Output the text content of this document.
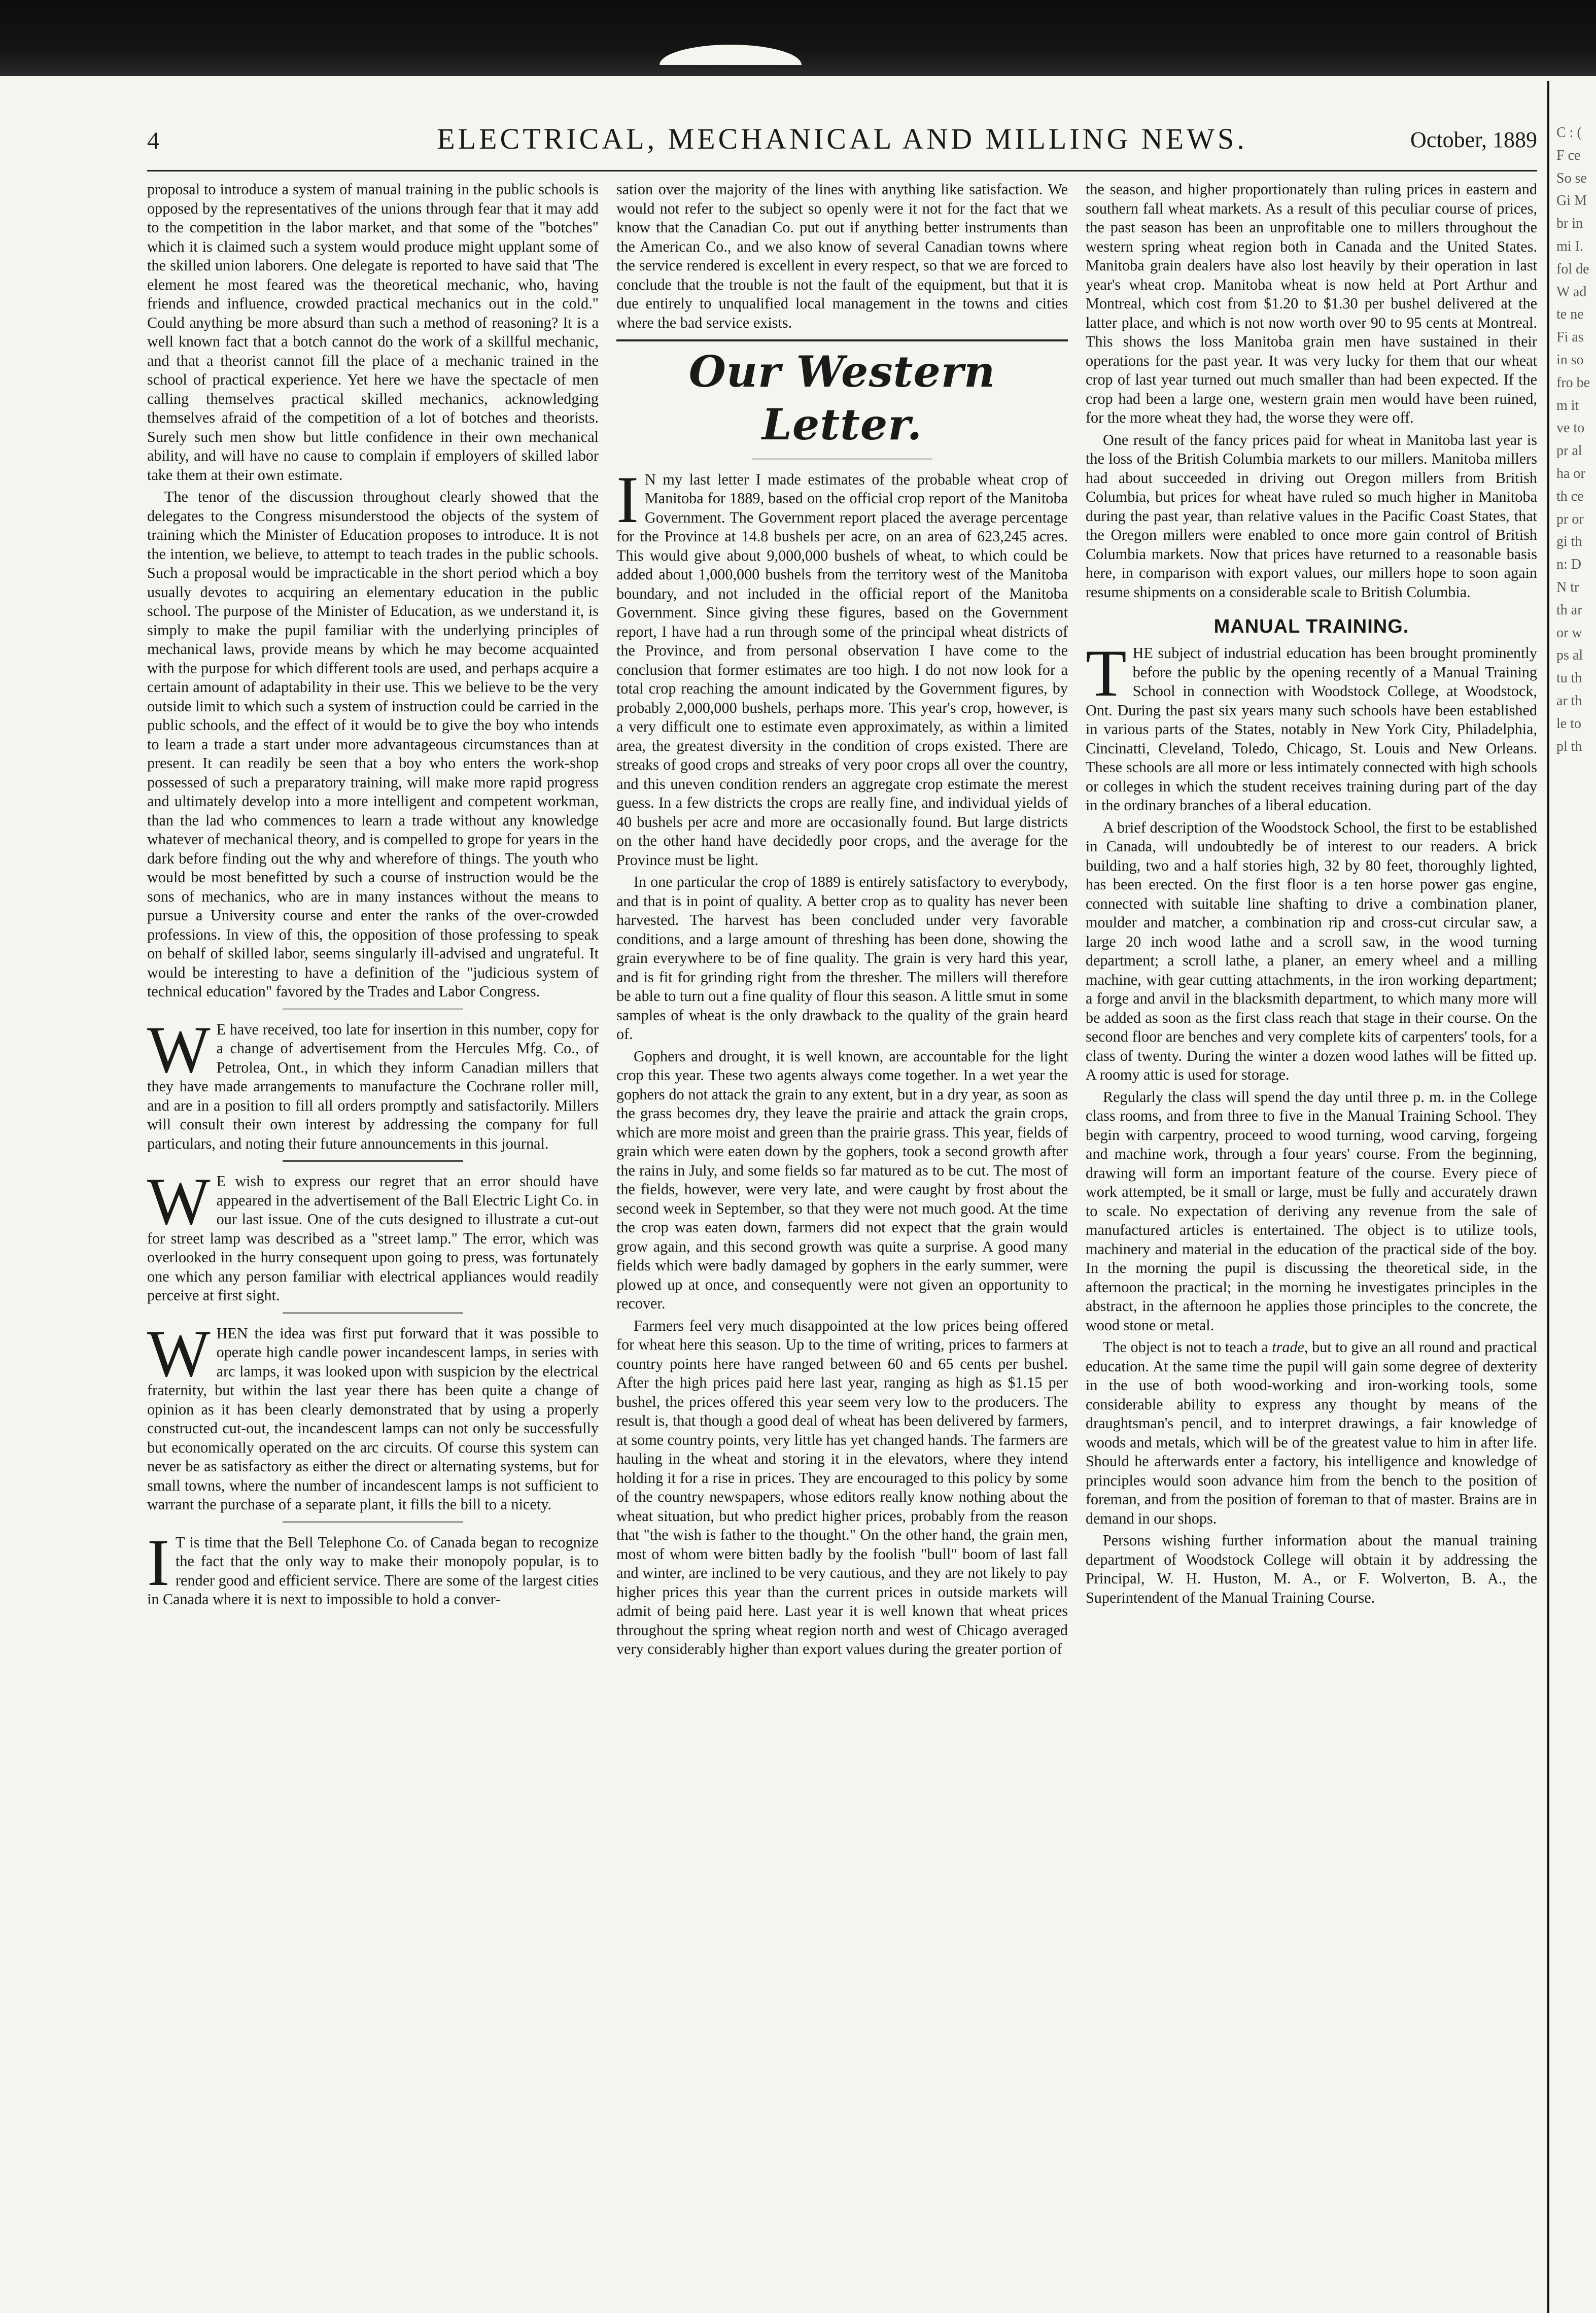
C : ( F ce So se Gi M br in mi I. fol de W ad te ne Fi as in so fro be m it ve to pr al ha or th ce pr or gi th n: D N tr th ar or w ps al tu th ar th le to pl th
4	ELECTRICAL, MECHANICAL AND MILLING NEWS.	October, 1889

proposal to introduce a system of manual training in the public schools is opposed by the representatives of the unions through fear that it may add to the competition in the labor market, and that some of the "botches" which it is claimed such a system would produce might upplant some of the skilled union laborers. One delegate is reported to have said that 'The element he most feared was the theoretical mechanic, who, having friends and influence, crowded practical mechanics out in the cold." Could anything be more absurd than such a method of reasoning? It is a well known fact that a botch cannot do the work of a skillful mechanic, and that a theorist cannot fill the place of a mechanic trained in the school of practical experience. Yet here we have the spectacle of men calling themselves practical skilled mechanics, acknowledging themselves afraid of the competition of a lot of botches and theorists. Surely such men show but little confidence in their own mechanical ability, and will have no cause to complain if employers of skilled labor take them at their own estimate.

The tenor of the discussion throughout clearly showed that the delegates to the Congress misunderstood the objects of the system of training which the Minister of Education proposes to introduce. It is not the intention, we believe, to attempt to teach trades in the public schools. Such a proposal would be impracticable in the short period which a boy usually devotes to acquiring an elementary education in the public school. The purpose of the Minister of Education, as we understand it, is simply to make the pupil familiar with the underlying principles of mechanical laws, provide means by which he may become acquainted with the purpose for which different tools are used, and perhaps acquire a certain amount of adaptability in their use. This we believe to be the very outside limit to which such a system of instruction could be carried in the public schools, and the effect of it would be to give the boy who intends to learn a trade a start under more advantageous circumstances than at present. It can readily be seen that a boy who enters the work-shop possessed of such a preparatory training, will make more rapid progress and ultimately develop into a more intelligent and competent workman, than the lad who commences to learn a trade without any knowledge whatever of mechanical theory, and is compelled to grope for years in the dark before finding out the why and wherefore of things. The youth who would be most benefitted by such a course of instruction would be the sons of mechanics, who are in many instances without the means to pursue a University course and enter the ranks of the over-crowded professions. In view of this, the opposition of those professing to speak on behalf of skilled labor, seems singularly ill-advised and ungrateful. It would be interesting to have a definition of the "judicious system of technical education" favored by the Trades and Labor Congress.

W E have received, too late for insertion in this number, copy for a change of advertisement from the Hercules Mfg. Co., of Petrolea, Ont., in which they inform Canadian millers that they have made arrangements to manufacture the Cochrane roller mill, and are in a position to fill all orders promptly and satisfactorily. Millers will consult their own interest by addressing the company for full particulars, and noting their future announcements in this journal.

W E wish to express our regret that an error should have appeared in the advertisement of the Ball Electric Light Co. in our last issue. One of the cuts designed to illustrate a cut-out for street lamp was described as a "street lamp." The error, which was overlooked in the hurry consequent upon going to press, was fortunately one which any person familiar with electrical appliances would readily perceive at first sight.

WHEN the idea was first put forward that it was possible to operate high candle power incandescent lamps, in series with arc lamps, it was looked upon with suspicion by the electrical fraternity, but within the last year there has been quite a change of opinion as it has been clearly demonstrated that by using a properly constructed cut-out, the incandescent lamps can not only be successfully but economically operated on the arc circuits. Of course this system can never be as satisfactory as either the direct or alternating systems, but for small towns, where the number of incandescent lamps is not sufficient to warrant the purchase of a separate plant, it fills the bill to a nicety.

I T is time that the Bell Telephone Co. of Canada began to recognize the fact that the only way to make their monopoly popular, is to render good and efficient service. There are some of the largest cities in Canada where it is next to impossible to hold a conver-

sation over the majority of the lines with anything like satisfaction. We would not refer to the subject so openly were it not for the fact that we know that the Canadian Co. put out if anything better instruments than the American Co., and we also know of several Canadian towns where the service rendered is excellent in every respect, so that we are forced to conclude that the trouble is not the fault of the equipment, but that it is due entirely to unqualified local management in the towns and cities where the bad service exists.

Our Western Letter.

I N my last letter I made estimates of the probable wheat crop of Manitoba for 1889, based on the official crop report of the Manitoba Government. The Government report placed the average percentage for the Province at 14.8 bushels per acre, on an area of 623,245 acres. This would give about 9,000,000 bushels of wheat, to which could be added about 1,000,000 bushels from the territory west of the Manitoba boundary, and not included in the official report of the Manitoba Government. Since giving these figures, based on the Government report, I have had a run through some of the principal wheat districts of the Province, and from personal observation I have come to the conclusion that former estimates are too high. I do not now look for a total crop reaching the amount indicated by the Government figures, by probably 2,000,000 bushels, perhaps more. This year's crop, however, is a very difficult one to estimate even approximately, as within a limited area, the greatest diversity in the condition of crops existed. There are streaks of good crops and streaks of very poor crops all over the country, and this uneven condition renders an aggregate crop estimate the merest guess. In a few districts the crops are really fine, and individual yields of 40 bushels per acre and more are occasionally found. But large districts on the other hand have decidedly poor crops, and the average for the Province must be light.

In one particular the crop of 1889 is entirely satisfactory to everybody, and that is in point of quality. A better crop as to quality has never been harvested. The harvest has been concluded under very favorable conditions, and a large amount of threshing has been done, showing the grain everywhere to be of fine quality. The grain is very hard this year, and is fit for grinding right from the thresher. The millers will therefore be able to turn out a fine quality of flour this season. A little smut in some samples of wheat is the only drawback to the quality of the grain heard of.

Gophers and drought, it is well known, are accountable for the light crop this year. These two agents always come together. In a wet year the gophers do not attack the grain to any extent, but in a dry year, as soon as the grass becomes dry, they leave the prairie and attack the grain crops, which are more moist and green than the prairie grass. This year, fields of grain which were eaten down by the gophers, took a second growth after the rains in July, and some fields so far matured as to be cut. The most of the fields, however, were very late, and were caught by frost about the second week in September, so that they were not much good. At the time the crop was eaten down, farmers did not expect that the grain would grow again, and this second growth was quite a surprise. A good many fields which were badly damaged by gophers in the early summer, were plowed up at once, and consequently were not given an opportunity to recover.

Farmers feel very much disappointed at the low prices being offered for wheat here this season. Up to the time of writing, prices to farmers at country points here have ranged between 60 and 65 cents per bushel. After the high prices paid here last year, ranging as high as $1.15 per bushel, the prices offered this year seem very low to the producers. The result is, that though a good deal of wheat has been delivered by farmers, at some country points, very little has yet changed hands. The farmers are hauling in the wheat and storing it in the elevators, where they intend holding it for a rise in prices. They are encouraged to this policy by some of the country newspapers, whose editors really know nothing about the wheat situation, but who predict higher prices, probably from the reason that "the wish is father to the thought." On the other hand, the grain men, most of whom were bitten badly by the foolish "bull" boom of last fall and winter, are inclined to be very cautious, and they are not likely to pay higher prices this year than the current prices in outside markets will admit of being paid here. Last year it is well known that wheat prices throughout the spring wheat region north and west of Chicago averaged very considerably higher than export values during the greater portion of

the season, and higher proportionately than ruling prices in eastern and southern fall wheat markets. As a result of this peculiar course of prices, the past season has been an unprofitable one to millers throughout the western spring wheat region both in Canada and the United States. Manitoba grain dealers have also lost heavily by their operation in last year's wheat crop. Manitoba wheat is now held at Port Arthur and Montreal, which cost from $1.20 to $1.30 per bushel delivered at the latter place, and which is not now worth over 90 to 95 cents at Montreal. This shows the loss Manitoba grain men have sustained in their operations for the past year. It was very lucky for them that our wheat crop of last year turned out much smaller than had been expected. If the crop had been a large one, western grain men would have been ruined, for the more wheat they had, the worse they were off.

One result of the fancy prices paid for wheat in Manitoba last year is the loss of the British Columbia markets to our millers. Manitoba millers had about succeeded in driving out Oregon millers from British Columbia, but prices for wheat have ruled so much higher in Manitoba during the past year, than relative values in the Pacific Coast States, that the Oregon millers were enabled to once more gain control of British Columbia markets. Now that prices have returned to a reasonable basis here, in comparison with export values, our millers hope to soon again resume shipments on a considerable scale to British Columbia.

MANUAL TRAINING.

THE subject of industrial education has been brought prominently before the public by the opening recently of a Manual Training School in connection with Woodstock College, at Woodstock, Ont. During the past six years many such schools have been established in various parts of the States, notably in New York City, Philadelphia, Cincinatti, Cleveland, Toledo, Chicago, St. Louis and New Orleans. These schools are all more or less intimately connected with high schools or colleges in which the student receives training during part of the day in the ordinary branches of a liberal education.

A brief description of the Woodstock School, the first to be established in Canada, will undoubtedly be of interest to our readers. A brick building, two and a half stories high, 32 by 80 feet, thoroughly lighted, has been erected. On the first floor is a ten horse power gas engine, connected with suitable line shafting to drive a combination planer, moulder and matcher, a combination rip and cross-cut circular saw, a large 20 inch wood lathe and a scroll saw, in the wood turning department; a scroll lathe, a planer, an emery wheel and a milling machine, with gear cutting attachments, in the iron working department; a forge and anvil in the blacksmith department, to which many more will be added as soon as the first class reach that stage in their course. On the second floor are benches and very complete kits of carpenters' tools, for a class of twenty. During the winter a dozen wood lathes will be fitted up. A roomy attic is used for storage.

Regularly the class will spend the day until three p. m. in the College class rooms, and from three to five in the Manual Training School. They begin with carpentry, proceed to wood turning, wood carving, forgeing and machine work, through a four years' course. From the beginning, drawing will form an important feature of the course. Every piece of work attempted, be it small or large, must be fully and accurately drawn to scale. No expectation of deriving any revenue from the sale of manufactured articles is entertained. The object is to utilize tools, machinery and material in the education of the practical side of the boy. In the morning the pupil is discussing the theoretical side, in the afternoon the practical; in the morning he investigates principles in the abstract, in the afternoon he applies those principles to the concrete, the wood stone or metal.

The object is not to teach a trade, but to give an all round and practical education. At the same time the pupil will gain some degree of dexterity in the use of both wood-working and iron-working tools, some considerable ability to express any thought by means of the draughtsman's pencil, and to interpret drawings, a fair knowledge of woods and metals, which will be of the greatest value to him in after life. Should he afterwards enter a factory, his intelligence and knowledge of principles would soon advance him from the bench to the position of foreman, and from the position of foreman to that of master. Brains are in demand in our shops.

Persons wishing further information about the manual training department of Woodstock College will obtain it by addressing the Principal, W. H. Huston, M. A., or F. Wolverton, B. A., the Superintendent of the Manual Training Course.
